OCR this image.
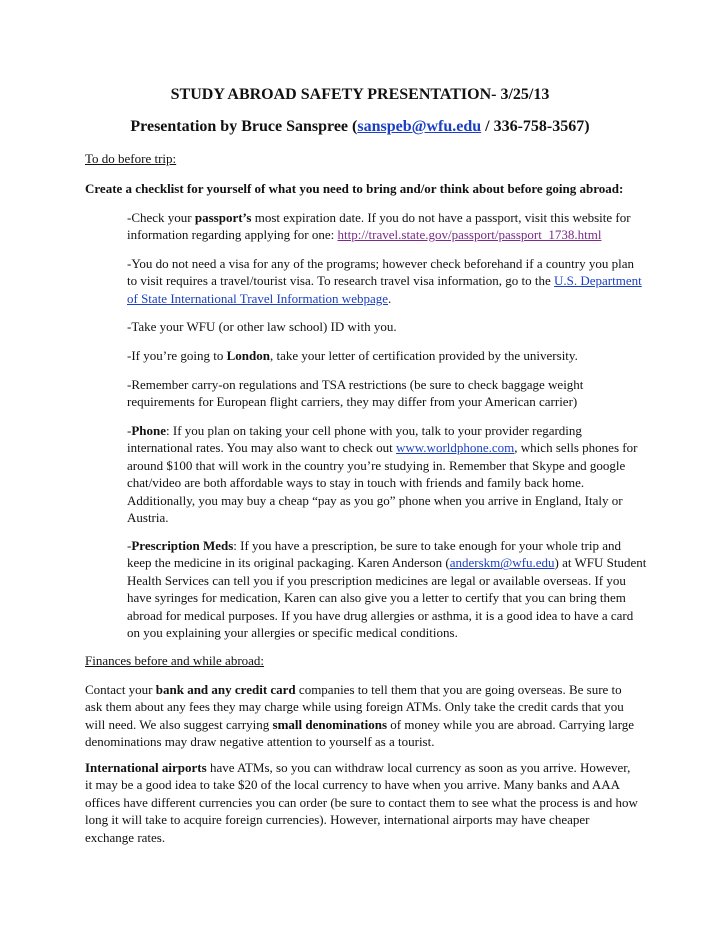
STUDY ABROAD SAFETY PRESENTATION- 3/25/13
Presentation by Bruce Sanspree (sanspeb@wfu.edu / 336-758-3567)
To do before trip:
Create a checklist for yourself of what you need to bring and/or think about before going abroad:

-Check your passport’s most expiration date. If you do not have a passport, visit this website for information regarding applying for one: http://travel.state.gov/passport/passport_1738.html

-You do not need a visa for any of the programs; however check beforehand if a country you plan to visit requires a travel/tourist visa. To research travel visa information, go to the U.S. Department of State International Travel Information webpage.

-Take your WFU (or other law school) ID with you.

-If you’re going to London, take your letter of certification provided by the university.

-Remember carry-on regulations and TSA restrictions (be sure to check baggage weight requirements for European flight carriers, they may differ from your American carrier)

-Phone: If you plan on taking your cell phone with you, talk to your provider regarding international rates. You may also want to check out www.worldphone.com, which sells phones for around $100 that will work in the country you’re studying in. Remember that Skype and google chat/video are both affordable ways to stay in touch with friends and family back home. Additionally, you may buy a cheap “pay as you go” phone when you arrive in England, Italy or Austria.

-Prescription Meds: If you have a prescription, be sure to take enough for your whole trip and keep the medicine in its original packaging. Karen Anderson (anderskm@wfu.edu) at WFU Student Health Services can tell you if you prescription medicines are legal or available overseas. If you have syringes for medication, Karen can also give you a letter to certify that you can bring them abroad for medical purposes. If you have drug allergies or asthma, it is a good idea to have a card on you explaining your allergies or specific medical conditions.

Finances before and while abroad:

Contact your bank and any credit card companies to tell them that you are going overseas. Be sure to ask them about any fees they may charge while using foreign ATMs. Only take the credit cards that you will need. We also suggest carrying small denominations of money while you are abroad. Carrying large denominations may draw negative attention to yourself as a tourist.

International airports have ATMs, so you can withdraw local currency as soon as you arrive. However, it may be a good idea to take $20 of the local currency to have when you arrive. Many banks and AAA offices have different currencies you can order (be sure to contact them to see what the process is and how long it will take to acquire foreign currencies). However, international airports may have cheaper exchange rates.
